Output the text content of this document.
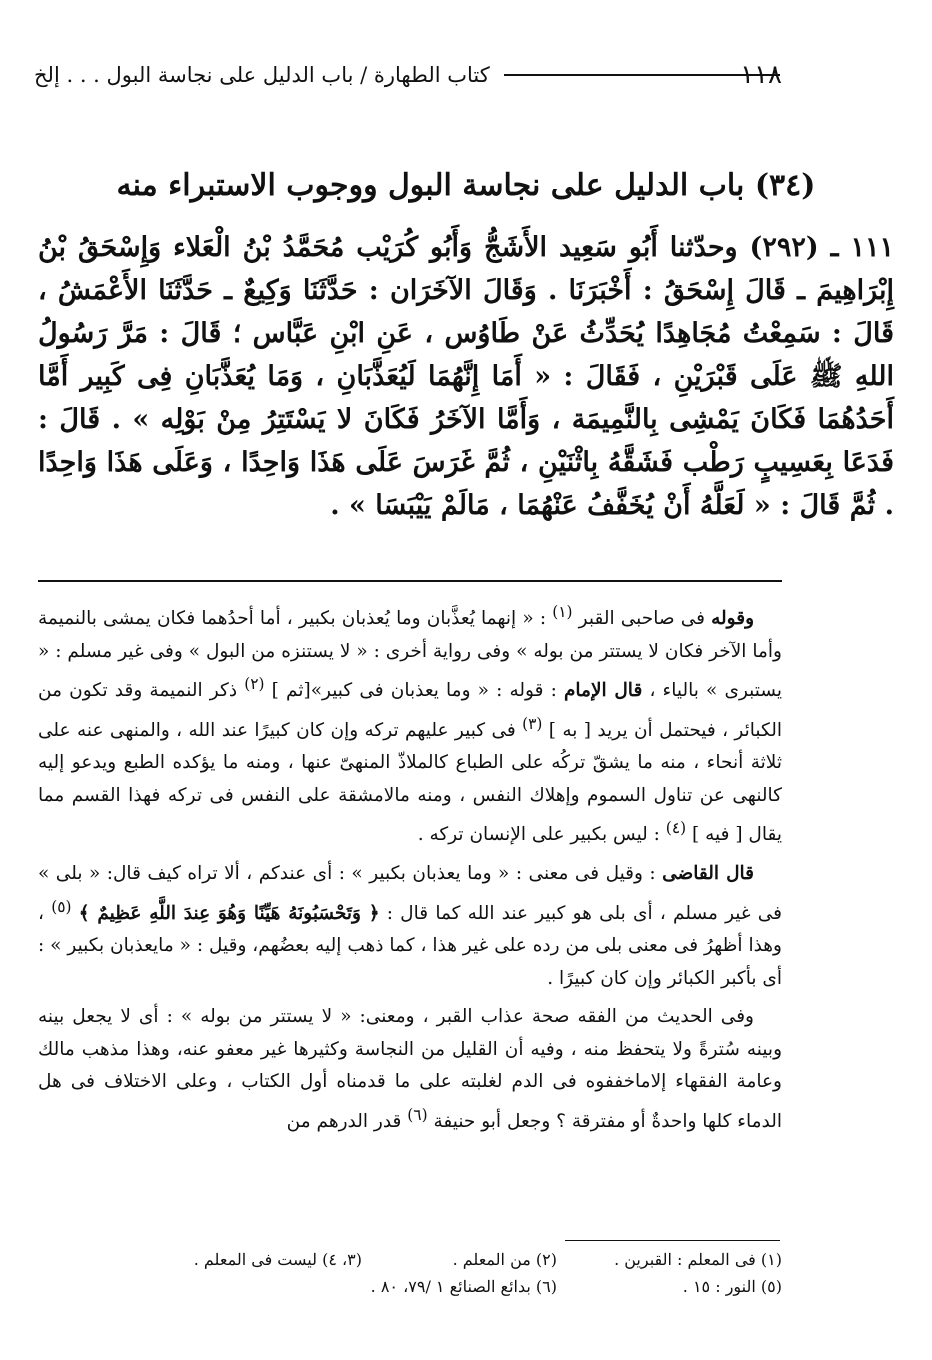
١١٨
كتاب الطهارة / باب الدليل على نجاسة البول . . . إلخ
(٣٤) باب الدليل على نجاسة البول ووجوب الاستبراء منه
١١١ ـ (٢٩٢) وحدّثنا أَبُو سَعِيد الأَشَجُّ وَأَبُو كُرَيْب مُحَمَّدُ بْنُ الْعَلاء وَإِسْحَقُ بْنُ إِبْرَاهِيمَ ـ قَالَ إِسْحَقُ : أَخْبَرَنَا . وَقَالَ الآخَرَان : حَدَّثَنَا وَكِيعٌ ـ حَدَّثَنَا الأَعْمَشُ ، قَالَ : سَمِعْتُ مُجَاهِدًا يُحَدِّثُ عَنْ طَاوُس ، عَنِ ابْنِ عَبَّاس ؛ قَالَ : مَرَّ رَسُولُ اللهِ ﷺ عَلَى قَبْرَيْنِ ، فَقَالَ : « أَمَا إِنَّهُمَا لَيُعَذَّبَانِ ، وَمَا يُعَذَّبَانِ فِى كَبِير أَمَّا أَحَدُهُمَا فَكَانَ يَمْشِى بِالنَّمِيمَة ، وَأَمَّا الآخَرُ فَكَانَ لا يَسْتَتِرُ مِنْ بَوْلِه » . قَالَ : فَدَعَا بِعَسِيبٍ رَطْب فَشَقَّهُ بِاثْنَيْنِ ، ثُمَّ غَرَسَ عَلَى هَذَا وَاحِدًا ، وَعَلَى هَذَا وَاحِدًا . ثُمَّ قَالَ : « لَعَلَّهُ أَنْ يُخَفَّفُ عَنْهُمَا ، مَالَمْ يَيْبَسَا » .

وقوله فى صاحبى القبر $^{(١)}$ : « إنهما يُعذَّبان وما يُعذبان بكبير ، أما أحدُهما فكان يمشى بالنميمة وأما الآخر فكان لا يستتر من بوله » وفى رواية أخرى : « لا يستنزه من البول » وفى غير مسلم : « يستبرى » بالياء ، قال الإمام : قوله : « وما يعذبان فى كبير»[ثم ] $^{(٢)}$ ذكر النميمة وقد تكون من الكبائر ، فيحتمل أن يريد [ به ] $^{(٣)}$ فى كبير عليهم تركه وإن كان كبيرًا عند الله ، والمنهى عنه على ثلاثة أنحاء ، منه ما يشقّ تركُه على الطباع كالملاذّ المنهىّ عنها ، ومنه ما يؤكده الطبع ويدعو إليه كالنهى عن تناول السموم وإهلاك النفس ، ومنه مالامشقة على النفس فى تركه فهذا القسم مما يقال [ فيه ] $^{(٤)}$ : ليس بكبير على الإنسان تركه .

قال القاضى : وقيل فى معنى : « وما يعذبان بكبير » : أى عندكم ، ألا تراه كيف قال: « بلى » فى غير مسلم ، أى بلى هو كبير عند الله كما قال : ﴿ وَتَحْسَبُونَهُ هَيِّنًا وَهُوَ عِندَ اللَّهِ عَظِيمٌ ﴾ $^{(٥)}$ ، وهذا أظهرُ فى معنى بلى من رده على غير هذا ، كما ذهب إليه بعضُهم، وقيل : « مايعذبان بكبير » : أى بأكبر الكبائر وإن كان كبيرًا .

وفى الحديث من الفقه صحة عذاب القبر ، ومعنى: « لا يستتر من بوله » : أى لا يجعل بينه وبينه سُترةً ولا يتحفظ منه ، وفيه أن القليل من النجاسة وكثيرها غير معفو عنه، وهذا مذهب مالك وعامة الفقهاء إلاماخففوه فى الدم لغلبته على ما قدمناه أول الكتاب ، وعلى الاختلاف فى هل الدماء كلها واحدةٌ أو مفترقة ؟ وجعل أبو حنيفة $^{(٦)}$ قدر الدرهم من

(١) فى المعلم : القبرين .
(٢) من المعلم .
(٣، ٤) ليست فى المعلم .
(٥) النور : ١٥ .
(٦) بدائع الصنائع ١ /٧٩، ٨٠ .
